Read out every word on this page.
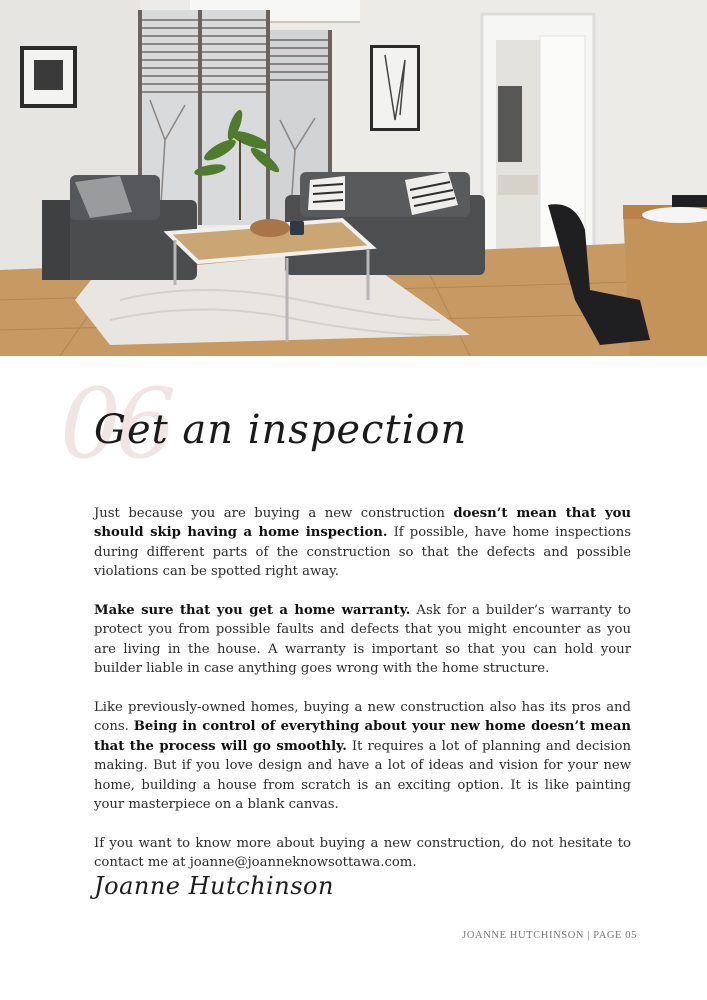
06
Get an inspection

Just because you are buying a new construction doesn’t mean that you should skip having a home inspection. If possible, have home inspections during different parts of the construction so that the defects and possible violations can be spotted right away.

Make sure that you get a home warranty. Ask for a builder’s warranty to protect you from possible faults and defects that you might encounter as you are living in the house. A warranty is important so that you can hold your builder liable in case anything goes wrong with the home structure.

Like previously-owned homes, buying a new construction also has its pros and cons. Being in control of everything about your new home doesn’t mean that the process will go smoothly. It requires a lot of planning and decision making. But if you love design and have a lot of ideas and vision for your new home, building a house from scratch is an exciting option. It is like painting your masterpiece on a blank canvas.

If you want to know more about buying a new construction, do not hesitate to contact me at joanne@joanneknowsottawa.com.

Joanne Hutchinson
JOANNE HUTCHINSON | PAGE 05
